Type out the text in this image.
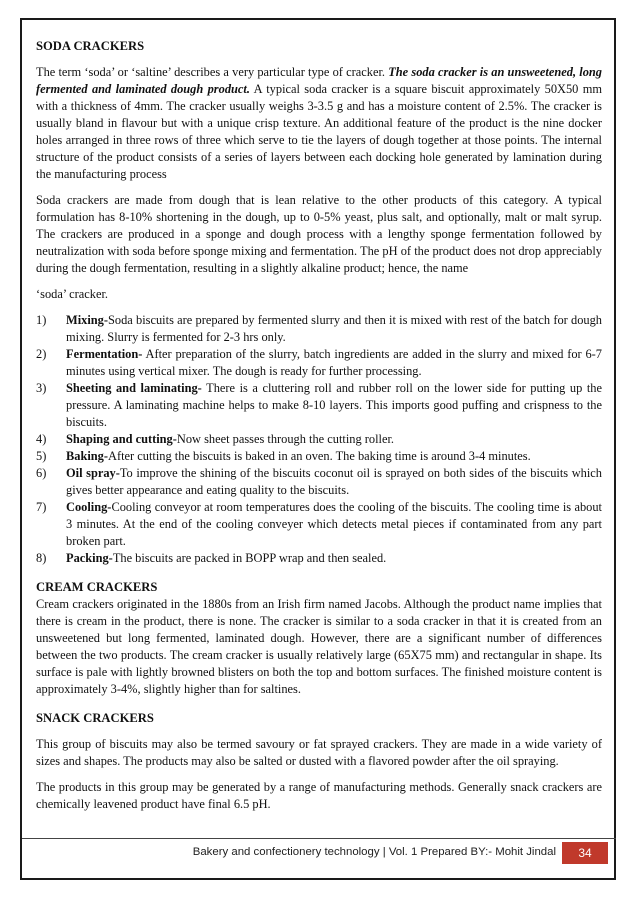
SODA CRACKERS

The term ‘soda’ or ‘saltine’ describes a very particular type of cracker. The soda cracker is an unsweetened, long fermented and laminated dough product. A typical soda cracker is a square biscuit approximately 50X50 mm with a thickness of 4mm. The cracker usually weighs 3-3.5 g and has a moisture content of 2.5%. The cracker is usually bland in flavour but with a unique crisp texture. An additional feature of the product is the nine docker holes arranged in three rows of three which serve to tie the layers of dough together at those points. The internal structure of the product consists of a series of layers between each docking hole generated by lamination during the manufacturing process

Soda crackers are made from dough that is lean relative to the other products of this category. A typical formulation has 8-10% shortening in the dough, up to 0-5% yeast, plus salt, and optionally, malt or malt syrup. The crackers are produced in a sponge and dough process with a lengthy sponge fermentation followed by neutralization with soda before sponge mixing and fermentation. The pH of the product does not drop appreciably during the dough fermentation, resulting in a slightly alkaline product; hence, the name

‘soda’ cracker.

1) Mixing-Soda biscuits are prepared by fermented slurry and then it is mixed with rest of the batch for dough mixing. Slurry is fermented for 2-3 hrs only.
2) Fermentation- After preparation of the slurry, batch ingredients are added in the slurry and mixed for 6-7 minutes using vertical mixer. The dough is ready for further processing.
3) Sheeting and laminating- There is a cluttering roll and rubber roll on the lower side for putting up the pressure. A laminating machine helps to make 8-10 layers. This imports good puffing and crispness to the biscuits.
4) Shaping and cutting-Now sheet passes through the cutting roller.
5) Baking-After cutting the biscuits is baked in an oven. The baking time is around 3-4 minutes.
6) Oil spray-To improve the shining of the biscuits coconut oil is sprayed on both sides of the biscuits which gives better appearance and eating quality to the biscuits.
7) Cooling-Cooling conveyor at room temperatures does the cooling of the biscuits. The cooling time is about 3 minutes. At the end of the cooling conveyer which detects metal pieces if contaminated from any part broken part.
8) Packing-The biscuits are packed in BOPP wrap and then sealed.
CREAM CRACKERS

Cream crackers originated in the 1880s from an Irish firm named Jacobs. Although the product name implies that there is cream in the product, there is none. The cracker is similar to a soda cracker in that it is created from an unsweetened but long fermented, laminated dough. However, there are a significant number of differences between the two products. The cream cracker is usually relatively large (65X75 mm) and rectangular in shape. Its surface is pale with lightly browned blisters on both the top and bottom surfaces. The finished moisture content is approximately 3-4%, slightly higher than for saltines.

SNACK CRACKERS

This group of biscuits may also be termed savoury or fat sprayed crackers. They are made in a wide variety of sizes and shapes. The products may also be salted or dusted with a flavored powder after the oil spraying.

The products in this group may be generated by a range of manufacturing methods. Generally snack crackers are chemically leavened product have final 6.5 pH.

Bakery and confectionery technology | Vol. 1 Prepared BY:- Mohit Jindal	34
